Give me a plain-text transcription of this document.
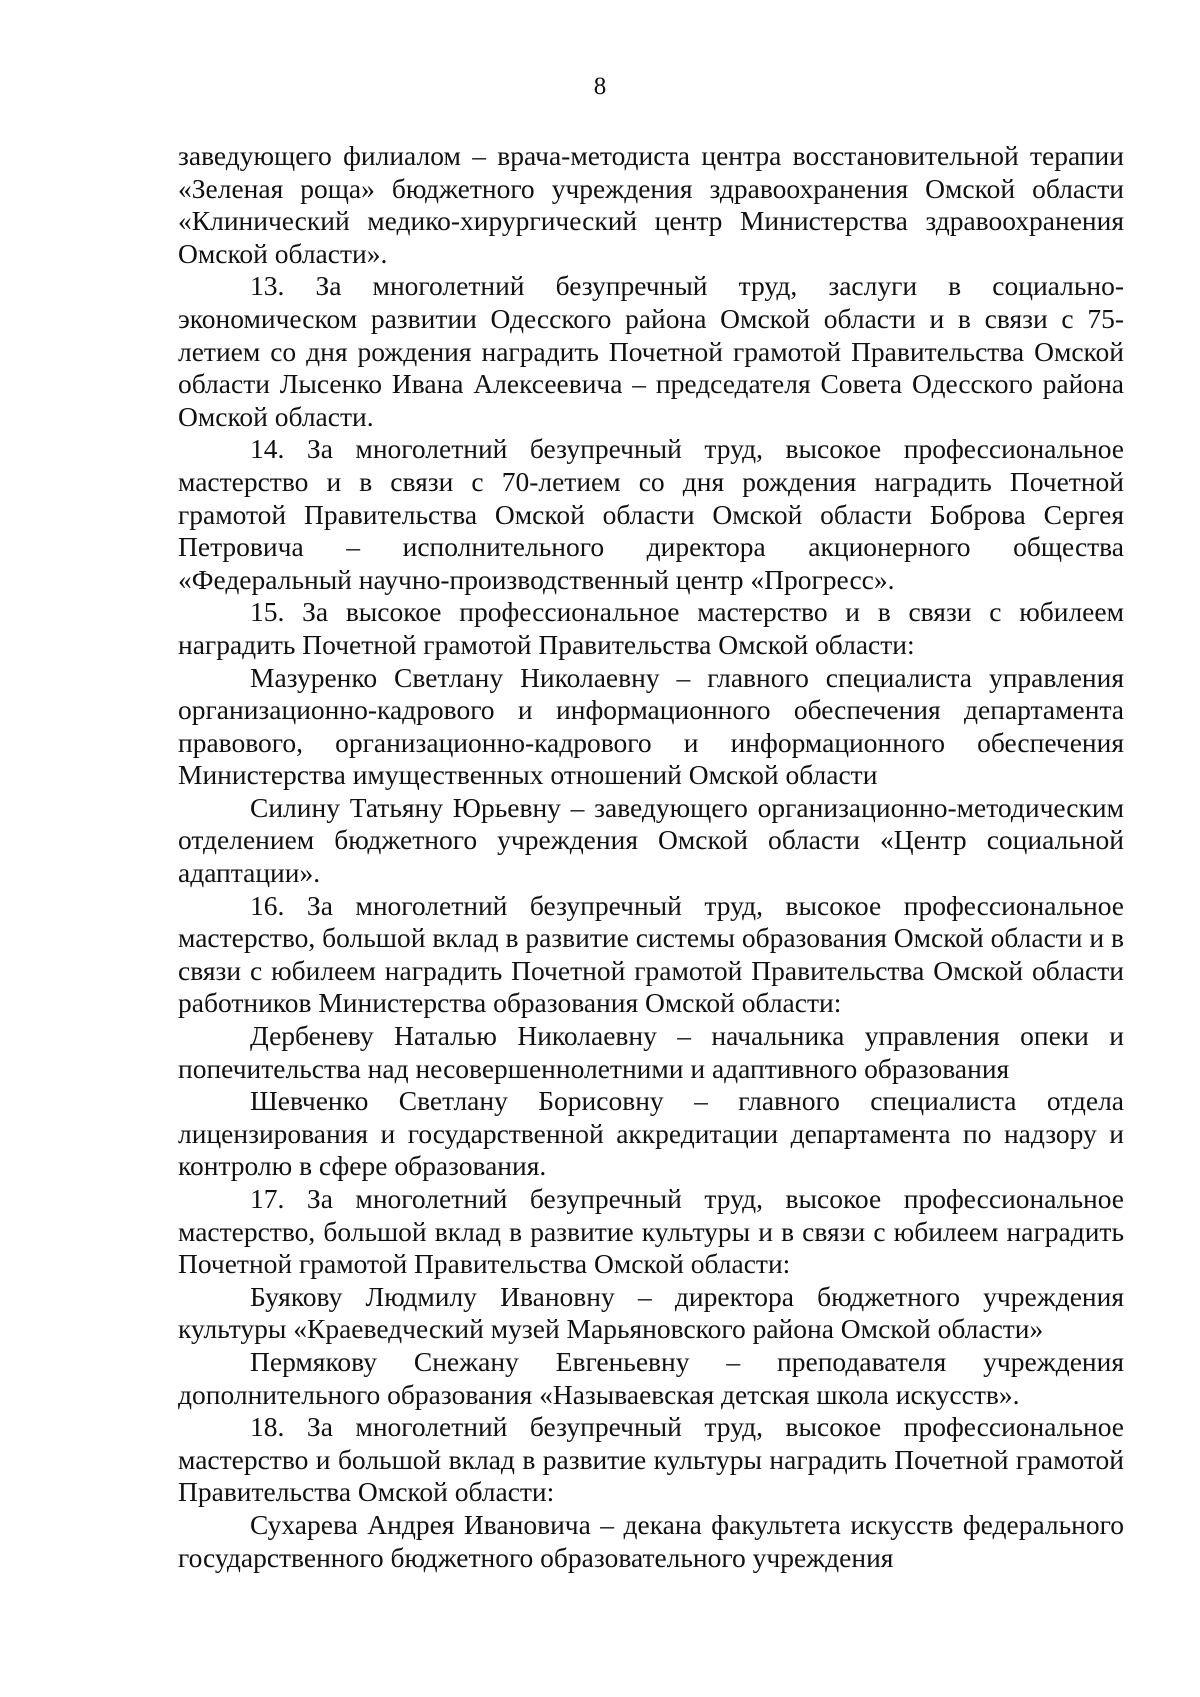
8

заведующего филиалом – врача-методиста центра восстановительной терапии «Зеленая роща» бюджетного учреждения здравоохранения Омской области «Клинический медико-хирургический центр Министерства здравоохранения Омской области».

13. За многолетний безупречный труд, заслуги в социально-экономическом развитии Одесского района Омской области и в связи с 75-летием со дня рождения наградить Почетной грамотой Правительства Омской области Лысенко Ивана Алексеевича – председателя Совета Одесского района Омской области.

14. За многолетний безупречный труд, высокое профессиональное мастерство и в связи с 70-летием со дня рождения наградить Почетной грамотой Правительства Омской области Омской области Боброва Сергея Петровича – исполнительного директора акционерного общества «Федеральный научно-производственный центр «Прогресс».

15. За высокое профессиональное мастерство и в связи с юбилеем наградить Почетной грамотой Правительства Омской области:

Мазуренко Светлану Николаевну – главного специалиста управления организационно-кадрового и информационного обеспечения департамента правового, организационно-кадрового и информационного обеспечения Министерства имущественных отношений Омской области

Силину Татьяну Юрьевну – заведующего организационно-методическим отделением бюджетного учреждения Омской области «Центр социальной адаптации».

16. За многолетний безупречный труд, высокое профессиональное мастерство, большой вклад в развитие системы образования Омской области и в связи с юбилеем наградить Почетной грамотой Правительства Омской области работников Министерства образования Омской области:

Дербеневу Наталью Николаевну – начальника управления опеки и попечительства над несовершеннолетними и адаптивного образования

Шевченко Светлану Борисовну – главного специалиста отдела лицензирования и государственной аккредитации департамента по надзору и контролю в сфере образования.

17. За многолетний безупречный труд, высокое профессиональное мастерство, большой вклад в развитие культуры и в связи с юбилеем наградить Почетной грамотой Правительства Омской области:

Буякову Людмилу Ивановну – директора бюджетного учреждения культуры «Краеведческий музей Марьяновского района Омской области»

Пермякову Снежану Евгеньевну – преподавателя учреждения дополнительного образования «Называевская детская школа искусств».

18. За многолетний безупречный труд, высокое профессиональное мастерство и большой вклад в развитие культуры наградить Почетной грамотой Правительства Омской области:

Сухарева Андрея Ивановича – декана факультета искусств федерального государственного бюджетного образовательного учреждения
